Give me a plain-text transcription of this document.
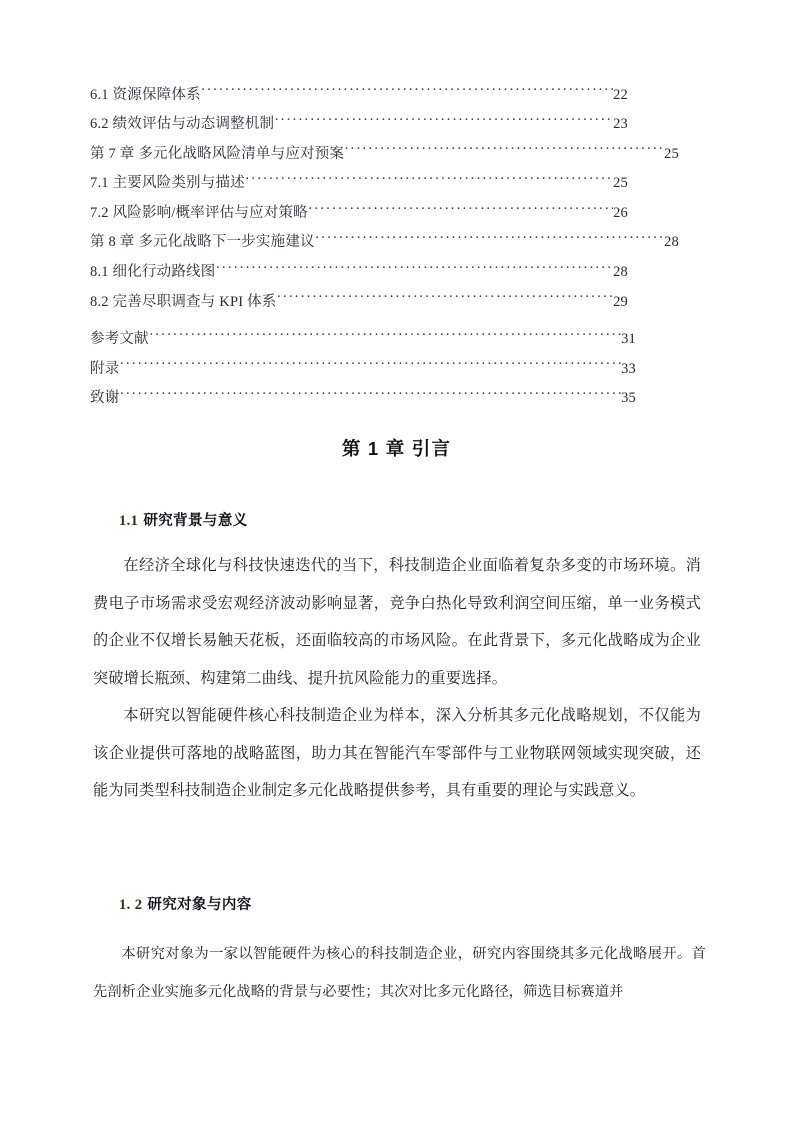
6.1 资源保障体系 ·····	22
6.2 绩效评估与动态调整机制 ·····	23
第 7 章 多元化战略风险清单与应对预案 ·····	25
7.1 主要风险类别与描述 ·····	25
7.2 风险影响/概率评估与应对策略 ·····	26
第 8 章 多元化战略下一步实施建议 ·····	28
8.1 细化行动路线图 ·····	28
8.2 完善尽职调查与 KPI 体系 ·····	29
参考文献 ·····	31
附录 ·····	33
致谢 ·····	35
第 1 章 引言
1.1 研究背景与意义
在经济全球化与科技快速迭代的当下，科技制造企业面临着复杂多变的市场环境。消费电子市场需求受宏观经济波动影响显著，竞争白热化导致利润空间压缩，单一业务模式的企业不仅增长易触天花板，还面临较高的市场风险。在此背景下，多元化战略成为企业突破增长瓶颈、构建第二曲线、提升抗风险能力的重要选择。
本研究以智能硬件核心科技制造企业为样本，深入分析其多元化战略规划，不仅能为该企业提供可落地的战略蓝图，助力其在智能汽车零部件与工业物联网领域实现突破，还能为同类型科技制造企业制定多元化战略提供参考，具有重要的理论与实践意义。
1. 2 研究对象与内容
本研究对象为一家以智能硬件为核心的科技制造企业，研究内容围绕其多元化战略展开。首先剖析企业实施多元化战略的背景与必要性；其次对比多元化路径，筛选目标赛道并
